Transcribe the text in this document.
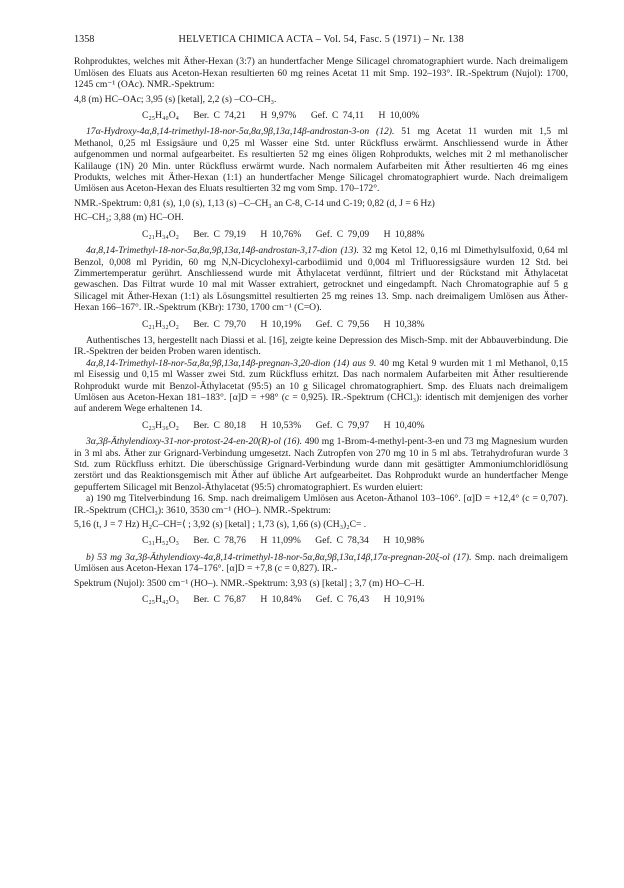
1358	HELVETICA CHIMICA ACTA – Vol. 54, Fasc. 5 (1971) – Nr. 138

Rohproduktes, welches mit Äther-Hexan (3:7) an hundertfacher Menge Silicagel chromatographiert wurde. Nach dreimaligem Umlösen des Eluats aus Aceton-Hexan resultierten 60 mg reines Acetat 11 mit Smp. 192–193°. IR.-Spektrum (Nujol): 1700, 1245 cm⁻¹ (OAc). NMR.-Spektrum:

4,8 (m) HC–OAc; 3,95 (s) [ketal], 2,2 (s) –CO–CH₃.

C₂₅H₄₀O₄ Ber. C 74,21 H 9,97% Gef. C 74,11 H 10,00%

17α-Hydroxy-4α,8,14-trimethyl-18-nor-5α,8α,9β,13α,14β-androstan-3-on (12). 51 mg Acetat 11 wurden mit 1,5 ml Methanol, 0,25 ml Essigsäure und 0,25 ml Wasser eine Std. unter Rückfluss erwärmt. Anschliessend wurde in Äther aufgenommen und normal aufgearbeitet. Es resultierten 52 mg eines öligen Rohprodukts, welches mit 2 ml methanolischer Kalilauge (1N) 20 Min. unter Rückfluss erwärmt wurde. Nach normalem Aufarbeiten mit Äther resultierten 46 mg eines Produkts, welches mit Äther-Hexan (1:1) an hundertfacher Menge Silicagel chromatographiert wurde. Nach dreimaligem Umlösen aus Aceton-Hexan des Eluats resultierten 32 mg vom Smp. 170–172°.

NMR.-Spektrum: 0,81 (s), 1,0 (s), 1,13 (s) –C–CH₃ an C-8, C-14 und C-19; 0,82 (d, J = 6 Hz)

HC–CH₃; 3,88 (m) HC–OH.

C₂₁H₃₄O₂ Ber. C 79,19 H 10,76% Gef. C 79,09 H 10,88%

4α,8,14-Trimethyl-18-nor-5α,8α,9β,13α,14β-androstan-3,17-dion (13). 32 mg Ketol 12, 0,16 ml Dimethylsulfoxid, 0,64 ml Benzol, 0,008 ml Pyridin, 60 mg N,N-Dicyclohexyl-carbodiimid und 0,004 ml Trifluoressigsäure wurden 12 Std. bei Zimmertemperatur gerührt. Anschliessend wurde mit Äthylacetat verdünnt, filtriert und der Rückstand mit Äthylacetat gewaschen. Das Filtrat wurde 10 mal mit Wasser extrahiert, getrocknet und eingedampft. Nach Chromatographie auf 5 g Silicagel mit Äther-Hexan (1:1) als Lösungsmittel resultierten 25 mg reines 13. Smp. nach dreimaligem Umlösen aus Äther-Hexan 166–167°. IR.-Spektrum (KBr): 1730, 1700 cm⁻¹ (C=O).

C₂₁H₃₂O₂ Ber. C 79,70 H 10,19% Gef. C 79,56 H 10,38%

Authentisches 13, hergestellt nach Diassi et al. [16], zeigte keine Depression des Misch-Smp. mit der Abbauverbindung. Die IR.-Spektren der beiden Proben waren identisch.

4α,8,14-Trimethyl-18-nor-5α,8α,9β,13α,14β-pregnan-3,20-dion (14) aus 9. 40 mg Ketal 9 wurden mit 1 ml Methanol, 0,15 ml Eisessig und 0,15 ml Wasser zwei Std. zum Rückfluss erhitzt. Das nach normalem Aufarbeiten mit Äther resultierende Rohprodukt wurde mit Benzol-Äthylacetat (95:5) an 10 g Silicagel chromatographiert. Smp. des Eluats nach dreimaligem Umlösen aus Aceton-Hexan 181–183°. [α]D = +98° (c = 0,925). IR.-Spektrum (CHCl₃): identisch mit demjenigen des vorher auf anderem Wege erhaltenen 14.

C₂₃H₃₆O₂ Ber. C 80,18 H 10,53% Gef. C 79,97 H 10,40%

3α,3β-Äthylendioxy-31-nor-protost-24-en-20(R)-ol (16). 490 mg 1-Brom-4-methyl-pent-3-en und 73 mg Magnesium wurden in 3 ml abs. Äther zur Grignard-Verbindung umgesetzt. Nach Zutropfen von 270 mg 10 in 5 ml abs. Tetrahydrofuran wurde 3 Std. zum Rückfluss erhitzt. Die überschüssige Grignard-Verbindung wurde dann mit gesättigter Ammoniumchloridlösung zerstört und das Reaktionsgemisch mit Äther auf übliche Art aufgearbeitet. Das Rohprodukt wurde an hundertfacher Menge gepuffertem Silicagel mit Benzol-Äthylacetat (95:5) chromatographiert. Es wurden eluiert:

a) 190 mg Titelverbindung 16. Smp. nach dreimaligem Umlösen aus Aceton-Äthanol 103–106°. [α]D = +12,4° (c = 0,707). IR.-Spektrum (CHCl₃): 3610, 3530 cm⁻¹ (HO–). NMR.-Spektrum:

5,16 (t, J = 7 Hz) H₂C–CH=⟨ ; 3,92 (s) [ketal] ; 1,73 (s), 1,66 (s) (CH₃)₂C= .

C₃₁H₅₂O₃ Ber. C 78,76 H 11,09% Gef. C 78,34 H 10,98%

b) 53 mg 3α,3β-Äthylendioxy-4α,8,14-trimethyl-18-nor-5α,8α,9β,13α,14β,17α-pregnan-20ξ-ol (17). Smp. nach dreimaligem Umlösen aus Aceton-Hexan 174–176°. [α]D = +7,8 (c = 0,827). IR.-

Spektrum (Nujol): 3500 cm⁻¹ (HO–). NMR.-Spektrum: 3,93 (s) [ketal] ; 3,7 (m) HO–C–H.

C₂₅H₄₂O₃ Ber. C 76,87 H 10,84% Gef. C 76,43 H 10,91%
